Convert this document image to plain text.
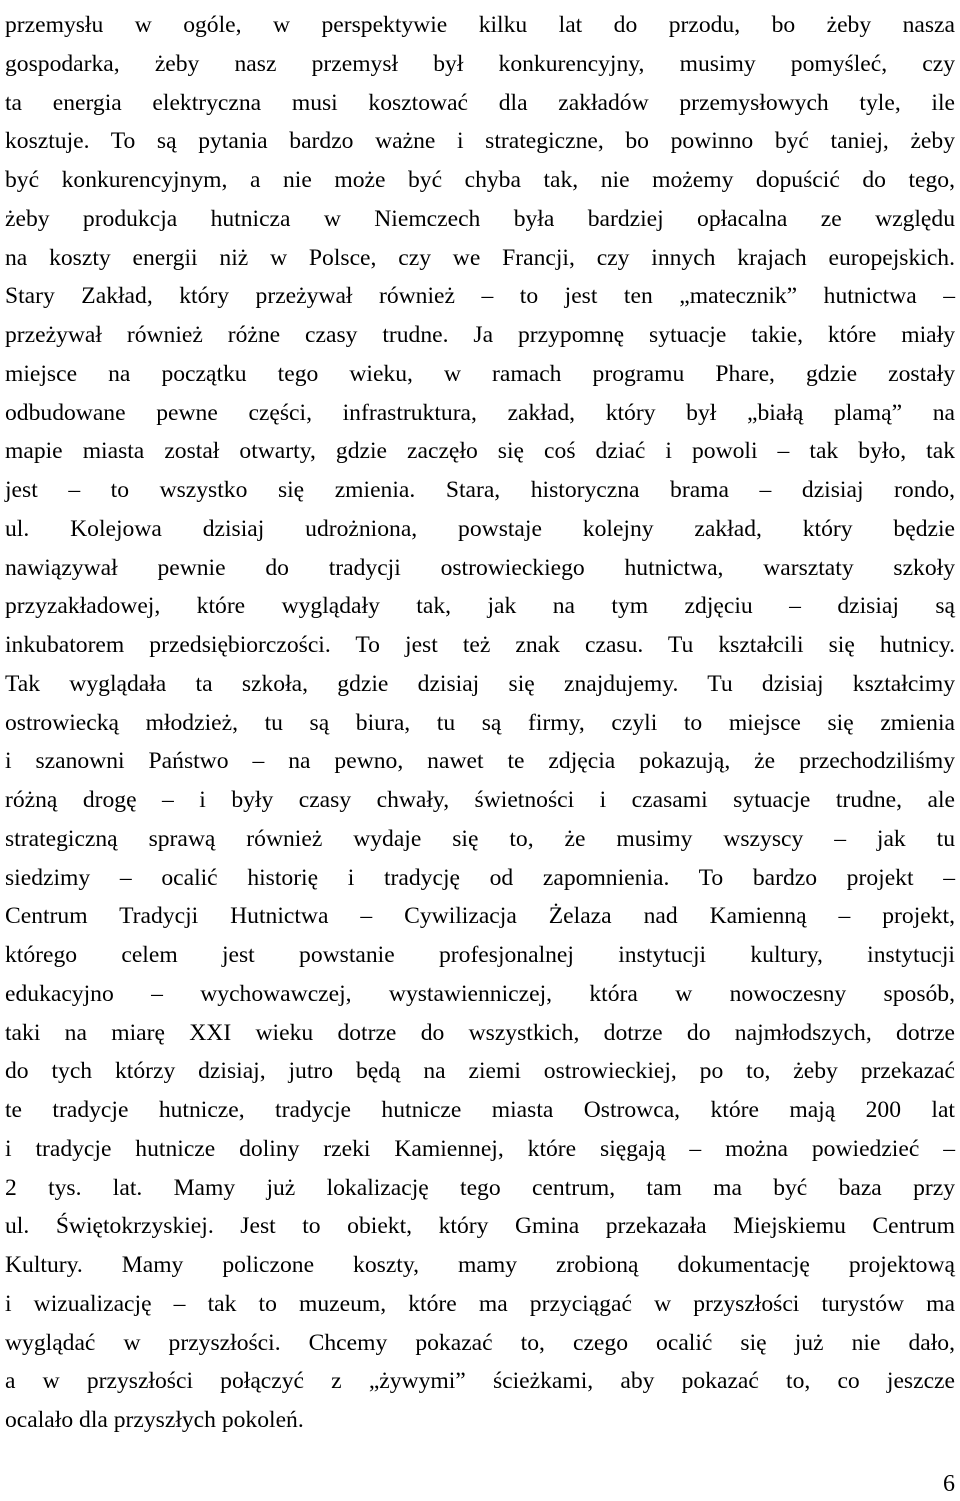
przemysłu w ogóle, w perspektywie kilku lat do przodu, bo żeby nasza
gospodarka, żeby nasz przemysł był konkurencyjny, musimy pomyśleć, czy
ta energia elektryczna musi kosztować dla zakładów przemysłowych tyle, ile
kosztuje. To są pytania bardzo ważne i strategiczne, bo powinno być taniej, żeby
być konkurencyjnym, a nie może być chyba tak, nie możemy dopuścić do tego,
żeby produkcja hutnicza w Niemczech była bardziej opłacalna ze względu
na koszty energii niż w Polsce, czy we Francji, czy innych krajach europejskich.
Stary Zakład, który przeżywał również – to jest ten „matecznik” hutnictwa –
przeżywał również różne czasy trudne. Ja przypomnę sytuacje takie, które miały
miejsce na początku tego wieku, w ramach programu Phare, gdzie zostały
odbudowane pewne części, infrastruktura, zakład, który był „białą plamą” na
mapie miasta został otwarty, gdzie zaczęło się coś dziać i powoli – tak było, tak
jest – to wszystko się zmienia. Stara, historyczna brama – dzisiaj rondo,
ul. Kolejowa dzisiaj udrożniona, powstaje kolejny zakład, który będzie
nawiązywał pewnie do tradycji ostrowieckiego hutnictwa, warsztaty szkoły
przyzakładowej, które wyglądały tak, jak na tym zdjęciu – dzisiaj są
inkubatorem przedsiębiorczości. To jest też znak czasu. Tu kształcili się hutnicy.
Tak wyglądała ta szkoła, gdzie dzisiaj się znajdujemy. Tu dzisiaj kształcimy
ostrowiecką młodzież, tu są biura, tu są firmy, czyli to miejsce się zmienia
i szanowni Państwo – na pewno, nawet te zdjęcia pokazują, że przechodziliśmy
różną drogę – i były czasy chwały, świetności i czasami sytuacje trudne, ale
strategiczną sprawą również wydaje się to, że musimy wszyscy – jak tu
siedzimy – ocalić historię i tradycję od zapomnienia. To bardzo projekt –
Centrum Tradycji Hutnictwa – Cywilizacja Żelaza nad Kamienną – projekt,
którego celem jest powstanie profesjonalnej instytucji kultury, instytucji
edukacyjno – wychowawczej, wystawienniczej, która w nowoczesny sposób,
taki na miarę XXI wieku dotrze do wszystkich, dotrze do najmłodszych, dotrze
do tych którzy dzisiaj, jutro będą na ziemi ostrowieckiej, po to, żeby przekazać
te tradycje hutnicze, tradycje hutnicze miasta Ostrowca, które mają 200 lat
i tradycje hutnicze doliny rzeki Kamiennej, które sięgają – można powiedzieć –
2 tys. lat. Mamy już lokalizację tego centrum, tam ma być baza przy
ul. Świętokrzyskiej. Jest to obiekt, który Gmina przekazała Miejskiemu Centrum
Kultury. Mamy policzone koszty, mamy zrobioną dokumentację projektową
i wizualizację – tak to muzeum, które ma przyciągać w przyszłości turystów ma
wyglądać w przyszłości. Chcemy pokazać to, czego ocalić się już nie dało,
a w przyszłości połączyć z „żywymi” ścieżkami, aby pokazać to, co jeszcze
ocalało dla przyszłych pokoleń.
6
